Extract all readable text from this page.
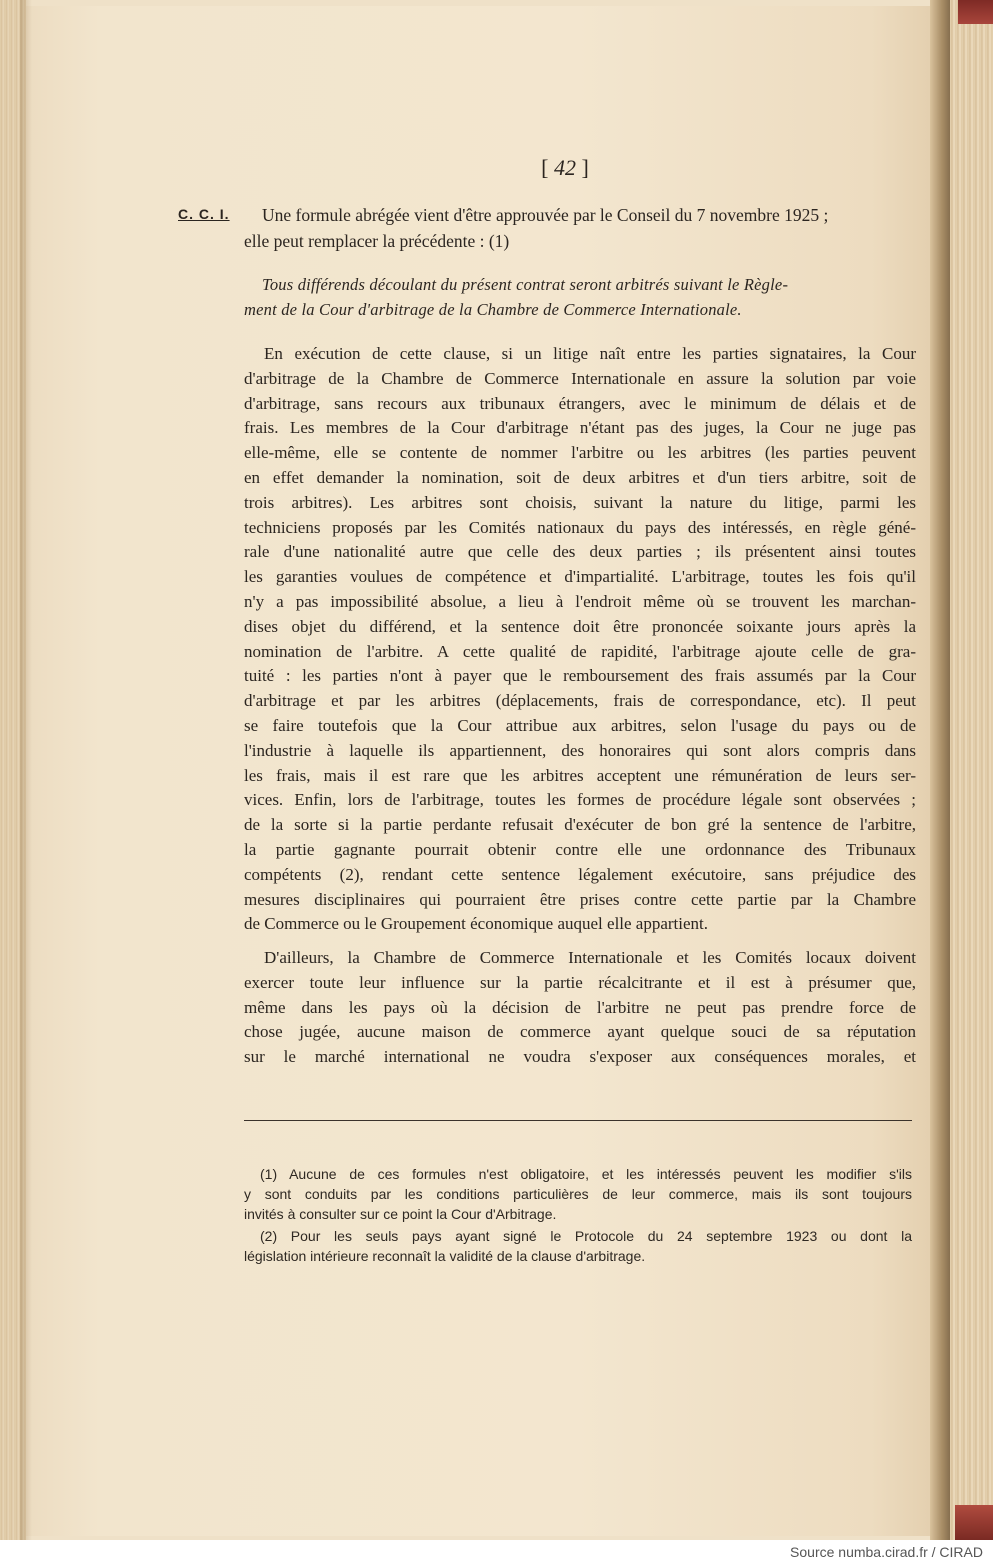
[ 42 ]
C. C. I. Une formule abrégée vient d'être approuvée par le Conseil du 7 novembre 1925 ;
elle peut remplacer la précédente : (1)
Tous différends découlant du présent contrat seront arbitrés suivant le Règle-
ment de la Cour d'arbitrage de la Chambre de Commerce Internationale.
En exécution de cette clause, si un litige naît entre les parties signataires, la Cour
d'arbitrage de la Chambre de Commerce Internationale en assure la solution par voie
d'arbitrage, sans recours aux tribunaux étrangers, avec le minimum de délais et de
frais. Les membres de la Cour d'arbitrage n'étant pas des juges, la Cour ne juge pas
elle-même, elle se contente de nommer l'arbitre ou les arbitres (les parties peuvent
en effet demander la nomination, soit de deux arbitres et d'un tiers arbitre, soit de
trois arbitres). Les arbitres sont choisis, suivant la nature du litige, parmi les
techniciens proposés par les Comités nationaux du pays des intéressés, en règle géné-
rale d'une nationalité autre que celle des deux parties ; ils présentent ainsi toutes
les garanties voulues de compétence et d'impartialité. L'arbitrage, toutes les fois qu'il
n'y a pas impossibilité absolue, a lieu à l'endroit même où se trouvent les marchan-
dises objet du différend, et la sentence doit être prononcée soixante jours après la
nomination de l'arbitre. A cette qualité de rapidité, l'arbitrage ajoute celle de gra-
tuité : les parties n'ont à payer que le remboursement des frais assumés par la Cour
d'arbitrage et par les arbitres (déplacements, frais de correspondance, etc). Il peut
se faire toutefois que la Cour attribue aux arbitres, selon l'usage du pays ou de
l'industrie à laquelle ils appartiennent, des honoraires qui sont alors compris dans
les frais, mais il est rare que les arbitres acceptent une rémunération de leurs ser-
vices. Enfin, lors de l'arbitrage, toutes les formes de procédure légale sont observées ;
de la sorte si la partie perdante refusait d'exécuter de bon gré la sentence de l'arbitre,
la partie gagnante pourrait obtenir contre elle une ordonnance des Tribunaux
compétents (2), rendant cette sentence légalement exécutoire, sans préjudice des
mesures disciplinaires qui pourraient être prises contre cette partie par la Chambre
de Commerce ou le Groupement économique auquel elle appartient.
D'ailleurs, la Chambre de Commerce Internationale et les Comités locaux doivent
exercer toute leur influence sur la partie récalcitrante et il est à présumer que,
même dans les pays où la décision de l'arbitre ne peut pas prendre force de
chose jugée, aucune maison de commerce ayant quelque souci de sa réputation
sur le marché international ne voudra s'exposer aux conséquences morales, et
(1) Aucune de ces formules n'est obligatoire, et les intéressés peuvent les modifier s'ils
y sont conduits par les conditions particulières de leur commerce, mais ils sont toujours
invités à consulter sur ce point la Cour d'Arbitrage.
(2) Pour les seuls pays ayant signé le Protocole du 24 septembre 1923 ou dont la
législation intérieure reconnaît la validité de la clause d'arbitrage.
Source numba.cirad.fr / CIRAD
